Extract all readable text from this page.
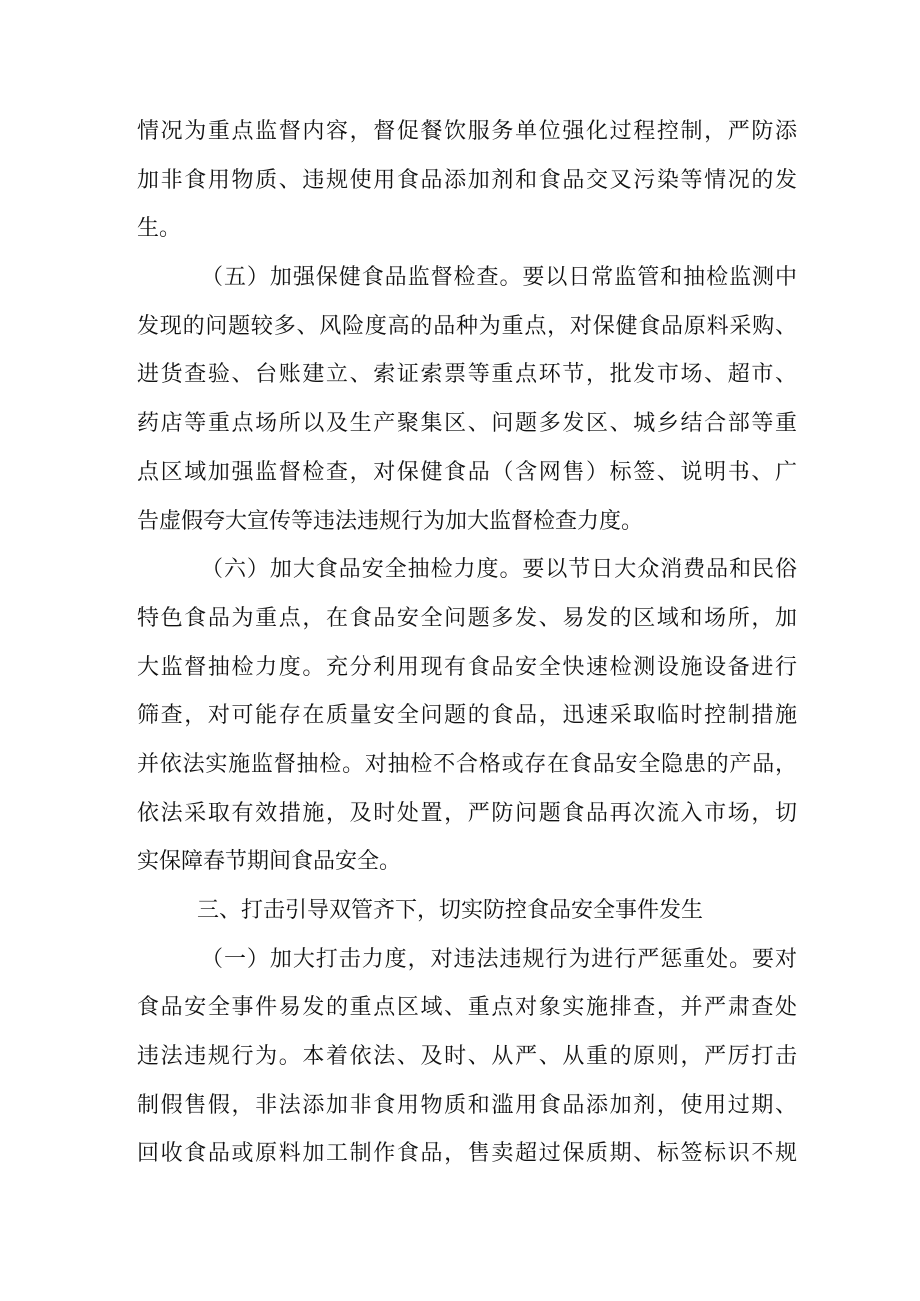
情况为重点监督内容，督促餐饮服务单位强化过程控制，严防添
加非食用物质、违规使用食品添加剂和食品交叉污染等情况的发
生。
（五）加强保健食品监督检查。要以日常监管和抽检监测中
发现的问题较多、风险度高的品种为重点，对保健食品原料采购、
进货查验、台账建立、索证索票等重点环节，批发市场、超市、
药店等重点场所以及生产聚集区、问题多发区、城乡结合部等重
点区域加强监督检查，对保健食品（含网售）标签、说明书、广
告虚假夸大宣传等违法违规行为加大监督检查力度。
（六）加大食品安全抽检力度。要以节日大众消费品和民俗
特色食品为重点，在食品安全问题多发、易发的区域和场所，加
大监督抽检力度。充分利用现有食品安全快速检测设施设备进行
筛查，对可能存在质量安全问题的食品，迅速采取临时控制措施
并依法实施监督抽检。对抽检不合格或存在食品安全隐患的产品，
依法采取有效措施，及时处置，严防问题食品再次流入市场，切
实保障春节期间食品安全。
三、打击引导双管齐下，切实防控食品安全事件发生
（一）加大打击力度，对违法违规行为进行严惩重处。要对
食品安全事件易发的重点区域、重点对象实施排查，并严肃查处
违法违规行为。本着依法、及时、从严、从重的原则，严厉打击
制假售假，非法添加非食用物质和滥用食品添加剂，使用过期、
回收食品或原料加工制作食品，售卖超过保质期、标签标识不规
